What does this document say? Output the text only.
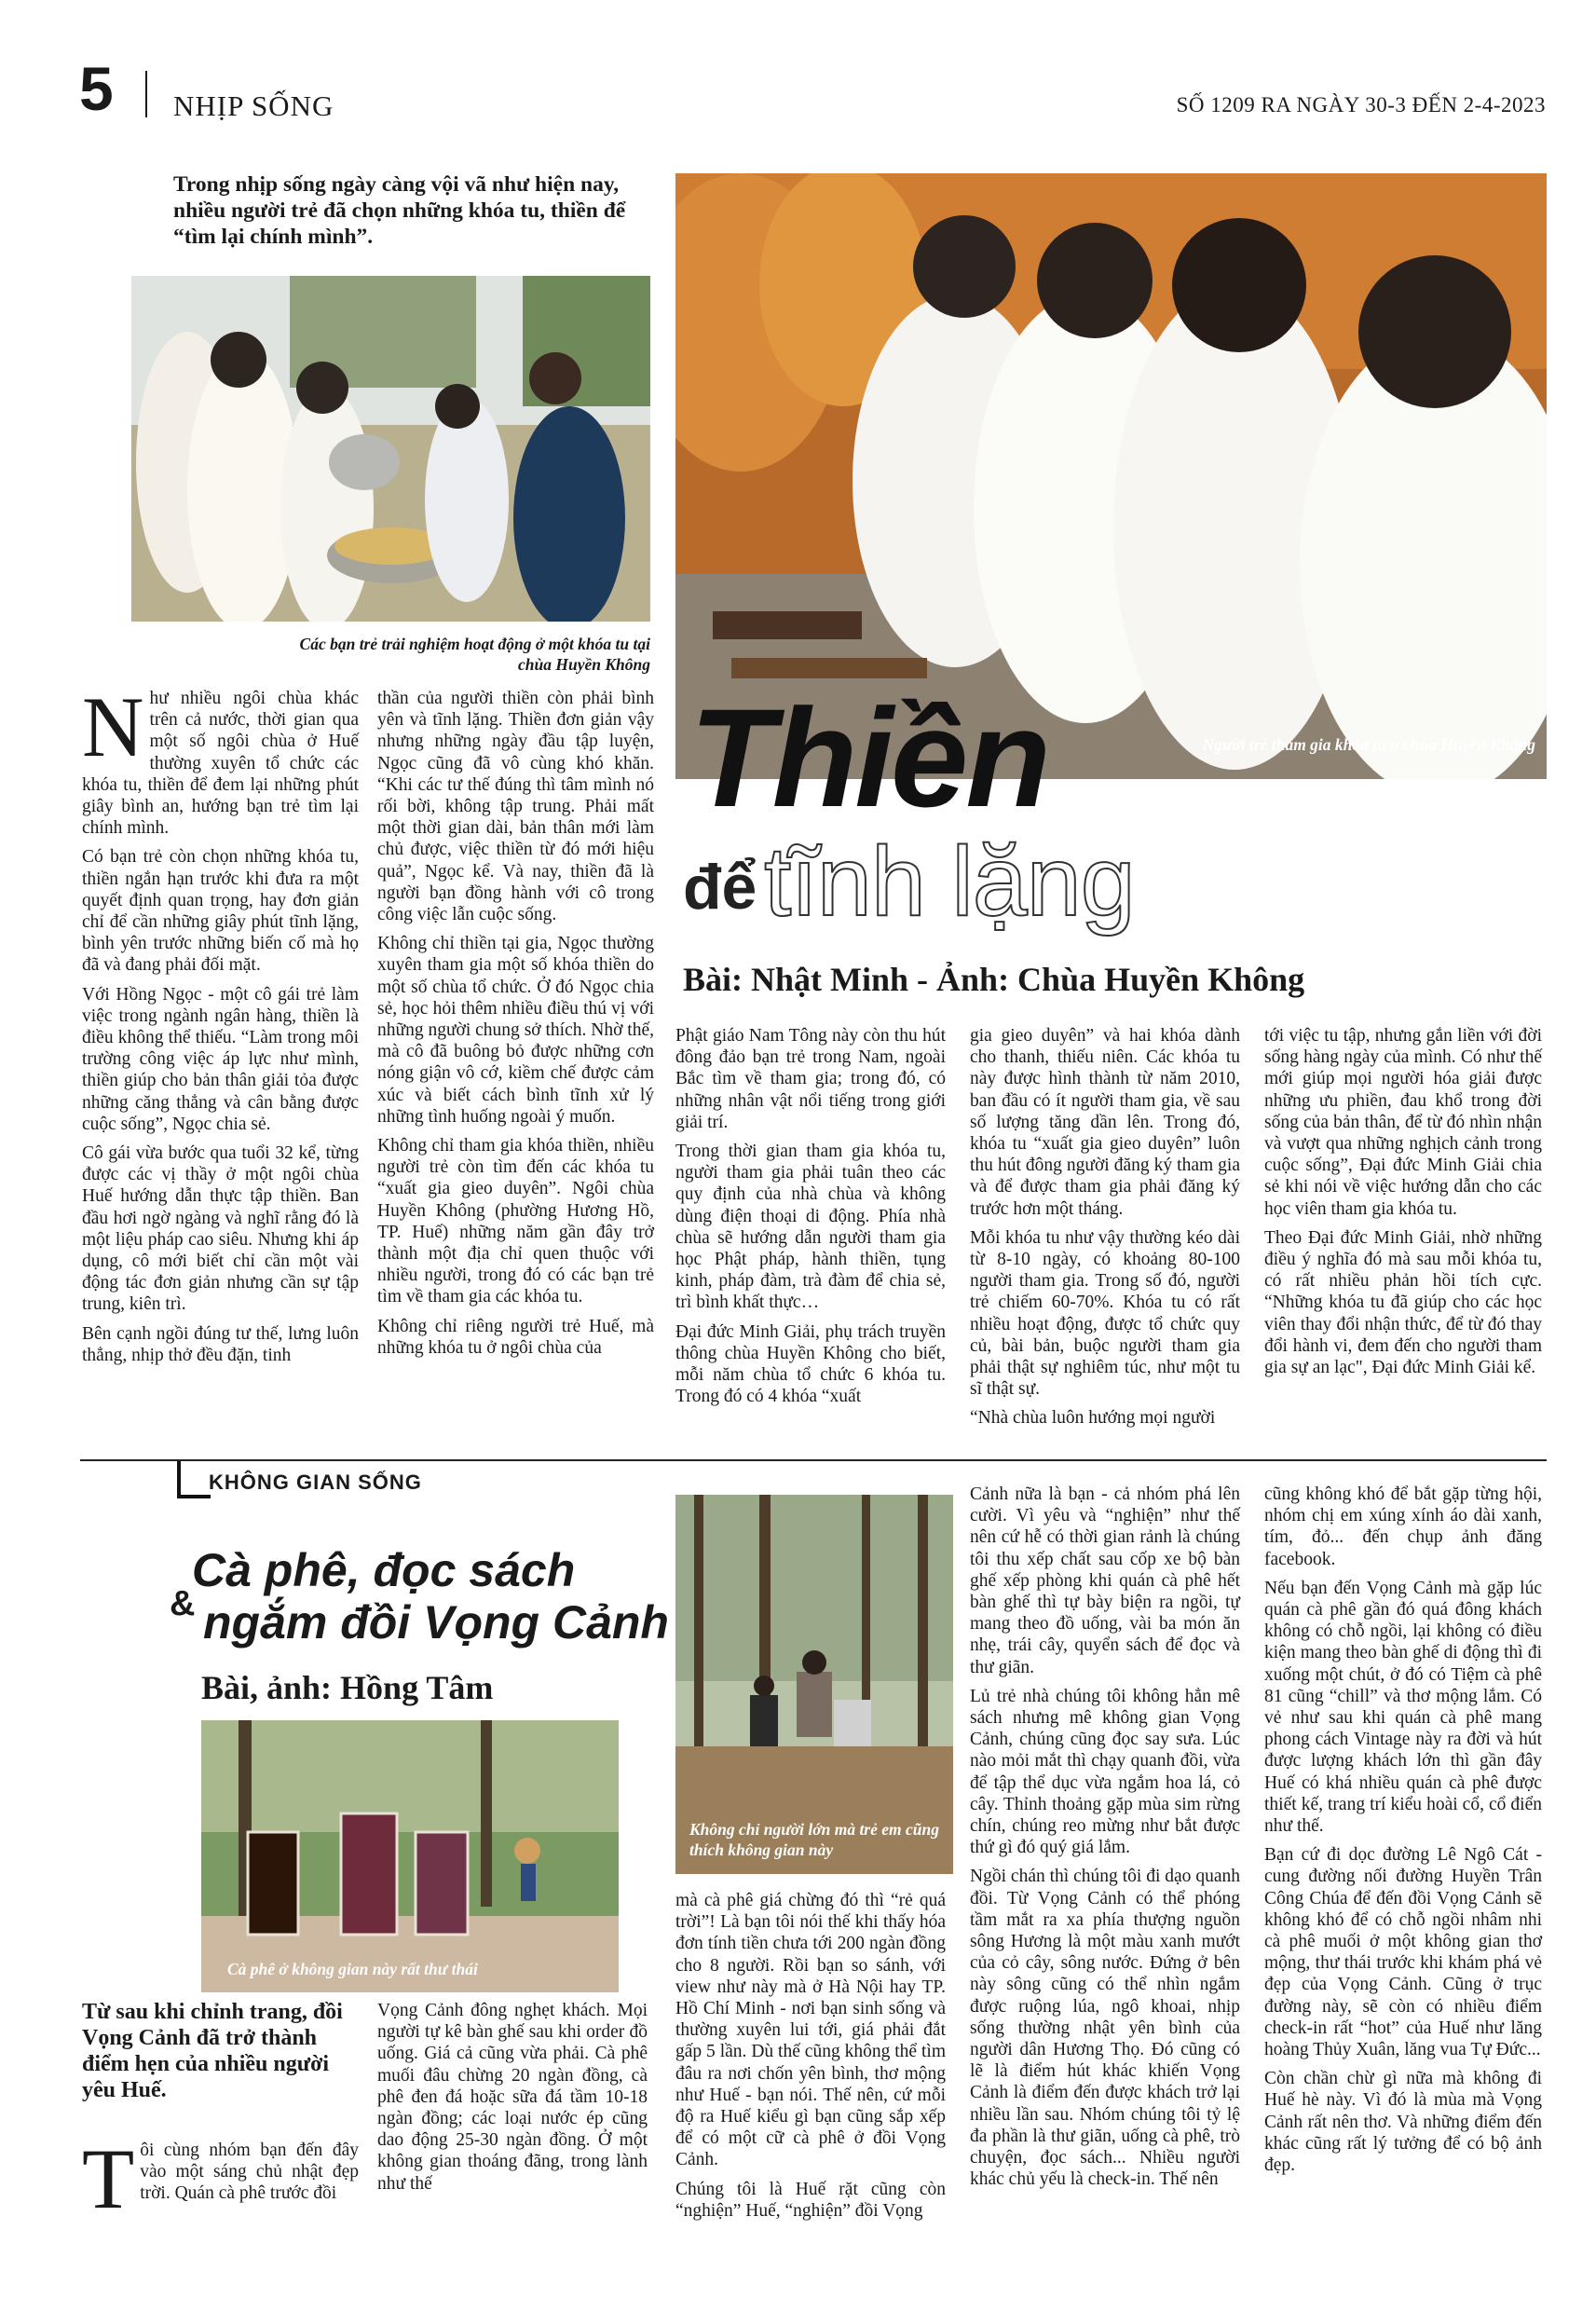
5 NHỊP SỐNG	SỐ 1209 RA NGÀY 30-3 ĐẾN 2-4-2023
Trong nhịp sống ngày càng vội vã như hiện nay, nhiều người trẻ đã chọn những khóa tu, thiền để “tìm lại chính mình”.
Các bạn trẻ trải nghiệm hoạt động ở một khóa tu tại chùa Huyền Không
Người trẻ tham gia khóa tu ở chùa Huyền Không
Thiền
để tĩnh lặng
Bài: Nhật Minh - Ảnh: Chùa Huyền Không
N hư nhiều ngôi chùa khác trên cả nước, thời gian qua một số ngôi chùa ở Huế thường xuyên tổ chức các khóa tu, thiền để đem lại những phút giây bình an, hướng bạn trẻ tìm lại chính mình.

Có bạn trẻ còn chọn những khóa tu, thiền ngắn hạn trước khi đưa ra một quyết định quan trọng, hay đơn giản chỉ để cần những giây phút tĩnh lặng, bình yên trước những biến cố mà họ đã và đang phải đối mặt.

Với Hồng Ngọc - một cô gái trẻ làm việc trong ngành ngân hàng, thiền là điều không thể thiếu. “Làm trong môi trường công việc áp lực như mình, thiền giúp cho bản thân giải tỏa được những căng thẳng và cân bằng được cuộc sống”, Ngọc chia sẻ.

Cô gái vừa bước qua tuổi 32 kể, từng được các vị thầy ở một ngôi chùa Huế hướng dẫn thực tập thiền. Ban đầu hơi ngờ ngàng và nghĩ rằng đó là một liệu pháp cao siêu. Nhưng khi áp dụng, cô mới biết chỉ cần một vài động tác đơn giản nhưng cần sự tập trung, kiên trì.

Bên cạnh ngồi đúng tư thế, lưng luôn thẳng, nhịp thở đều đặn, tinh

thần của người thiền còn phải bình yên và tĩnh lặng. Thiền đơn giản vậy nhưng những ngày đầu tập luyện, Ngọc cũng đã vô cùng khó khăn. “Khi các tư thế đúng thì tâm mình nó rối bời, không tập trung. Phải mất một thời gian dài, bản thân mới làm chủ được, việc thiền từ đó mới hiệu quả”, Ngọc kể. Và nay, thiền đã là người bạn đồng hành với cô trong công việc lẫn cuộc sống.

Không chỉ thiền tại gia, Ngọc thường xuyên tham gia một số khóa thiền do một số chùa tổ chức. Ở đó Ngọc chia sẻ, học hỏi thêm nhiều điều thú vị với những người chung sở thích. Nhờ thế, mà cô đã buông bỏ được những cơn nóng giận vô cớ, kiềm chế được cảm xúc và biết cách bình tĩnh xử lý những tình huống ngoài ý muốn.

Không chỉ tham gia khóa thiền, nhiều người trẻ còn tìm đến các khóa tu “xuất gia gieo duyên”. Ngôi chùa Huyền Không (phường Hương Hồ, TP. Huế) những năm gần đây trở thành một địa chỉ quen thuộc với nhiều người, trong đó có các bạn trẻ tìm về tham gia các khóa tu.

Không chỉ riêng người trẻ Huế, mà những khóa tu ở ngôi chùa của

Phật giáo Nam Tông này còn thu hút đông đảo bạn trẻ trong Nam, ngoài Bắc tìm về tham gia; trong đó, có những nhân vật nổi tiếng trong giới giải trí.

Trong thời gian tham gia khóa tu, người tham gia phải tuân theo các quy định của nhà chùa và không dùng điện thoại di động. Phía nhà chùa sẽ hướng dẫn người tham gia học Phật pháp, hành thiền, tụng kinh, pháp đàm, trà đàm để chia sẻ, trì bình khất thực…

Đại đức Minh Giải, phụ trách truyền thông chùa Huyền Không cho biết, mỗi năm chùa tổ chức 6 khóa tu. Trong đó có 4 khóa “xuất

gia gieo duyên” và hai khóa dành cho thanh, thiếu niên. Các khóa tu này được hình thành từ năm 2010, ban đầu có ít người tham gia, về sau số lượng tăng dần lên. Trong đó, khóa tu “xuất gia gieo duyên” luôn thu hút đông người đăng ký tham gia và để được tham gia phải đăng ký trước hơn một tháng.

Mỗi khóa tu như vậy thường kéo dài từ 8-10 ngày, có khoảng 80-100 người tham gia. Trong số đó, người trẻ chiếm 60-70%. Khóa tu có rất nhiều hoạt động, được tổ chức quy củ, bài bản, buộc người tham gia phải thật sự nghiêm túc, như một tu sĩ thật sự.

“Nhà chùa luôn hướng mọi người

tới việc tu tập, nhưng gắn liền với đời sống hàng ngày của mình. Có như thế mới giúp mọi người hóa giải được những ưu phiền, đau khổ trong đời sống của bản thân, để từ đó nhìn nhận và vượt qua những nghịch cảnh trong cuộc sống”, Đại đức Minh Giải chia sẻ khi nói về việc hướng dẫn cho các học viên tham gia khóa tu.

Theo Đại đức Minh Giải, nhờ những điều ý nghĩa đó mà sau mỗi khóa tu, có rất nhiều phản hồi tích cực. “Những khóa tu đã giúp cho các học viên thay đổi nhận thức, để từ đó thay đổi hành vi, đem đến cho người tham gia sự an lạc", Đại đức Minh Giải kể.

KHÔNG GIAN SỐNG
Cà phê, đọc sách
& ngắm đồi Vọng Cảnh
Bài, ảnh: Hồng Tâm
Cà phê ở không gian này rất thư thái
Không chỉ người lớn mà trẻ em cũng thích không gian này
Từ sau khi chỉnh trang, đồi Vọng Cảnh đã trở thành điểm hẹn của nhiều người yêu Huế.
T ôi cùng nhóm bạn đến đây vào một sáng chủ nhật đẹp trời. Quán cà phê trước đồi

Vọng Cảnh đông nghẹt khách. Mọi người tự kê bàn ghế sau khi order đồ uống. Giá cả cũng vừa phải. Cà phê muối đâu chừng 20 ngàn đồng, cà phê đen đá hoặc sữa đá tầm 10-18 ngàn đồng; các loại nước ép cũng dao động 25-30 ngàn đồng. Ở một không gian thoáng đãng, trong lành như thế

mà cà phê giá chừng đó thì “rẻ quá trời”! Là bạn tôi nói thế khi thấy hóa đơn tính tiền chưa tới 200 ngàn đồng cho 8 người. Rồi bạn so sánh, với view như này mà ở Hà Nội hay TP. Hồ Chí Minh - nơi bạn sinh sống và thường xuyên lui tới, giá phải đắt gấp 5 lần. Dù thế cũng không thể tìm đâu ra nơi chốn yên bình, thơ mộng như Huế - bạn nói. Thế nên, cứ mỗi độ ra Huế kiểu gì bạn cũng sắp xếp để có một cữ cà phê ở đồi Vọng Cảnh.

Chúng tôi là Huế rặt cũng còn “nghiện” Huế, “nghiện” đồi Vọng

Cảnh nữa là bạn - cả nhóm phá lên cười. Vì yêu và “nghiện” như thế nên cứ hễ có thời gian rảnh là chúng tôi thu xếp chất sau cốp xe bộ bàn ghế xếp phòng khi quán cà phê hết bàn ghế thì tự bày biện ra ngồi, tự mang theo đồ uống, vài ba món ăn nhẹ, trái cây, quyển sách để đọc và thư giãn.

Lủ trẻ nhà chúng tôi không hẳn mê sách nhưng mê không gian Vọng Cảnh, chúng cũng đọc say sưa. Lúc nào mỏi mắt thì chạy quanh đồi, vừa để tập thể dục vừa ngắm hoa lá, cỏ cây. Thỉnh thoảng gặp mùa sim rừng chín, chúng reo mừng như bắt được thứ gì đó quý giá lắm.

Ngồi chán thì chúng tôi đi dạo quanh đồi. Từ Vọng Cảnh có thể phóng tầm mắt ra xa phía thượng nguồn sông Hương là một màu xanh mướt của cỏ cây, sông nước. Đứng ở bên này sông cũng có thể nhìn ngắm được ruộng lúa, ngô khoai, nhịp sống thường nhật yên bình của người dân Hương Thọ. Đó cũng có lẽ là điểm hút khác khiến Vọng Cảnh là điểm đến được khách trở lại nhiều lần sau. Nhóm chúng tôi tỷ lệ đa phần là thư giãn, uống cà phê, trò chuyện, đọc sách... Nhiều người khác chủ yếu là check-in. Thế nên

cũng không khó để bắt gặp từng hội, nhóm chị em xúng xính áo dài xanh, tím, đỏ... đến chụp ảnh đăng facebook.

Nếu bạn đến Vọng Cảnh mà gặp lúc quán cà phê gần đó quá đông khách không có chỗ ngồi, lại không có điều kiện mang theo bàn ghế di động thì đi xuống một chút, ở đó có Tiệm cà phê 81 cũng “chill” và thơ mộng lắm. Có vẻ như sau khi quán cà phê mang phong cách Vintage này ra đời và hút được lượng khách lớn thì gần đây Huế có khá nhiều quán cà phê được thiết kế, trang trí kiểu hoài cổ, cổ điển như thế.

Bạn cứ đi dọc đường Lê Ngô Cát - cung đường nối đường Huyền Trân Công Chúa để đến đồi Vọng Cảnh sẽ không khó để có chỗ ngồi nhâm nhi cà phê muối ở một không gian thơ mộng, thư thái trước khi khám phá vẻ đẹp của Vọng Cảnh. Cũng ở trục đường này, sẽ còn có nhiều điểm check-in rất “hot” của Huế như lăng hoàng Thủy Xuân, lăng vua Tự Đức...

Còn chần chừ gì nữa mà không đi Huế hè này. Vì đó là mùa mà Vọng Cảnh rất nên thơ. Và những điểm đến khác cũng rất lý tưởng để có bộ ảnh đẹp.
